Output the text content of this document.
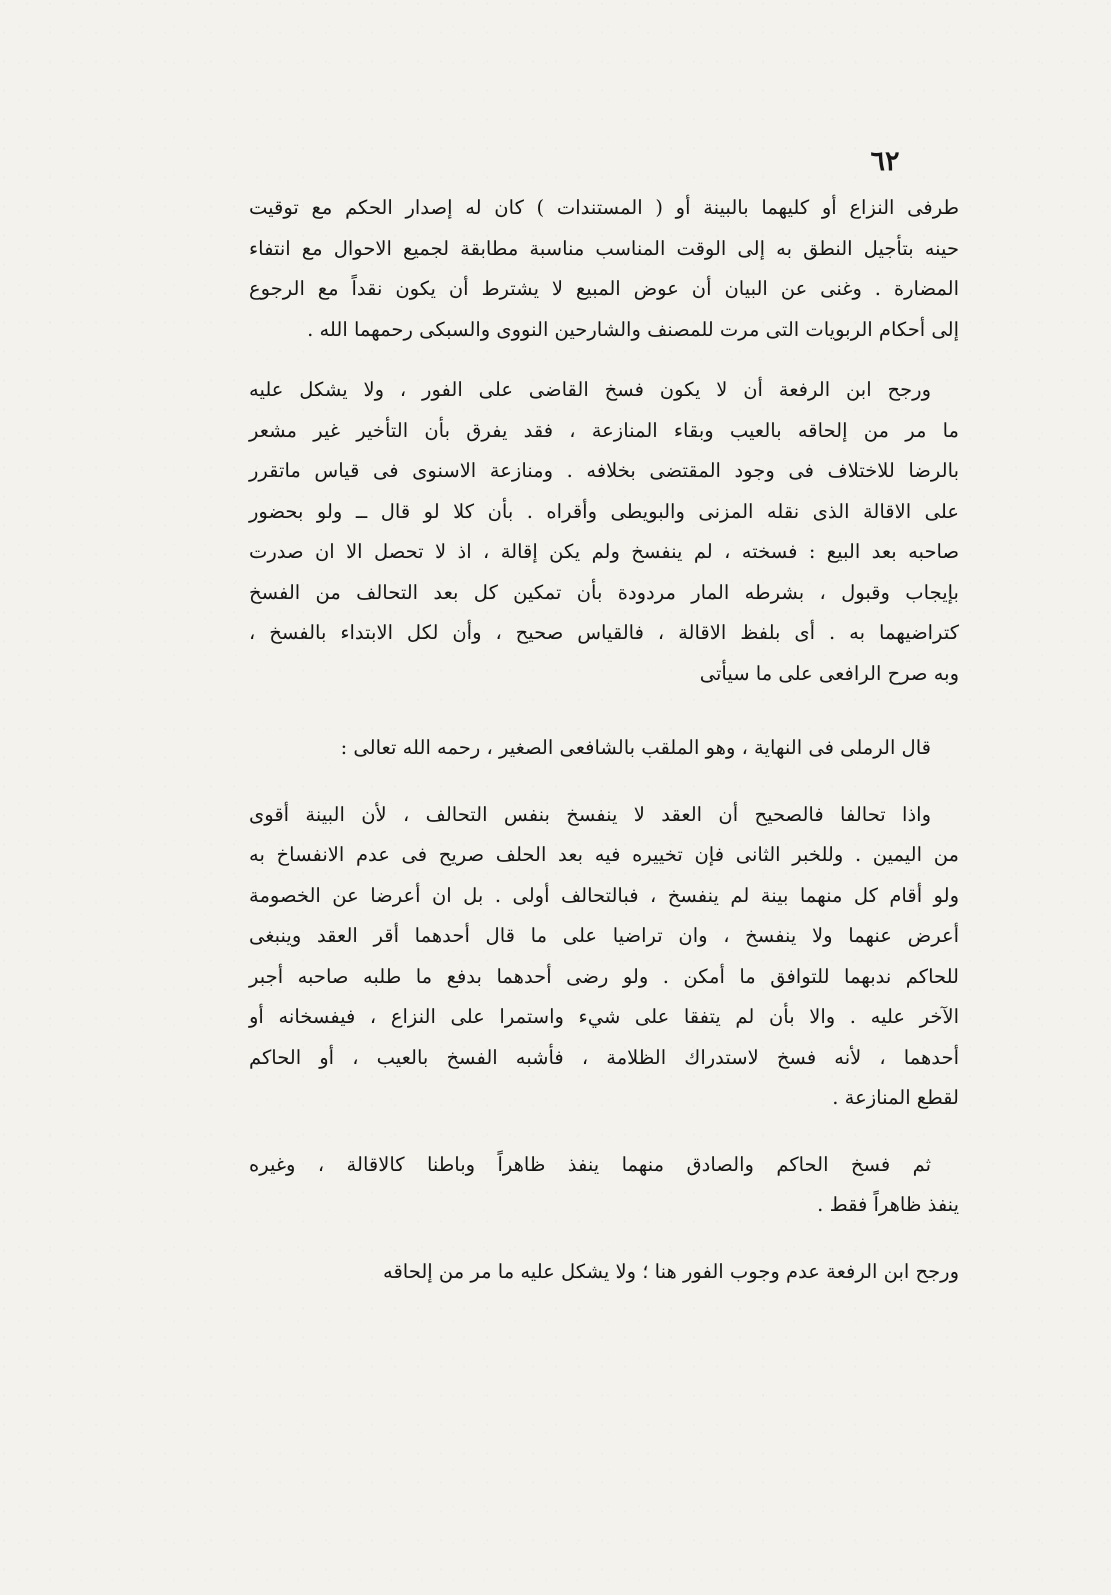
٦٢
طرفى النزاع أو كليهما بالبينة أو ( المستندات ) كان له إصدار الحكم مع توقيت
حينه بتأجيل النطق به إلى الوقت المناسب مناسبة مطابقة لجميع الاحوال مع انتفاء
المضارة . وغنى عن البيان أن عوض المبيع لا يشترط أن يكون نقداً مع الرجوع
إلى أحكام الربويات التى مرت للمصنف والشارحين النووى والسبكى رحمهما الله .
ورجح ابن الرفعة أن لا يكون فسخ القاضى على الفور ، ولا يشكل عليه
ما مر من إلحاقه بالعيب وبقاء المنازعة ، فقد يفرق بأن التأخير غير مشعر
بالرضا للاختلاف فى وجود المقتضى بخلافه . ومنازعة الاسنوى فى قياس ماتقرر
على الاقالة الذى نقله المزنى والبويطى وأقراه . بأن كلا لو قال ــ ولو بحضور
صاحبه بعد البيع : فسخته ، لم ينفسخ ولم يكن إقالة ، اذ لا تحصل الا ان صدرت
بإيجاب وقبول ، بشرطه المار مردودة بأن تمكين كل بعد التحالف من الفسخ
كتراضيهما به . أى بلفظ الاقالة ، فالقياس صحيح ، وأن لكل الابتداء بالفسخ ،
وبه صرح الرافعى على ما سيأتى
قال الرملى فى النهاية ، وهو الملقب بالشافعى الصغير ، رحمه الله تعالى :
واذا تحالفا فالصحيح أن العقد لا ينفسخ بنفس التحالف ، لأن البينة أقوى
من اليمين . وللخبر الثانى فإن تخييره فيه بعد الحلف صريح فى عدم الانفساخ به
ولو أقام كل منهما بينة لم ينفسخ ، فبالتحالف أولى . بل ان أعرضا عن الخصومة
أعرض عنهما ولا ينفسخ ، وان تراضيا على ما قال أحدهما أقر العقد وينبغى
للحاكم ندبهما للتوافق ما أمكن . ولو رضى أحدهما بدفع ما طلبه صاحبه أجبر
الآخر عليه . والا بأن لم يتفقا على شيء واستمرا على النزاع ، فيفسخانه أو
أحدهما ، لأنه فسخ لاستدراك الظلامة ، فأشبه الفسخ بالعيب ، أو الحاكم
لقطع المنازعة .
ثم فسخ الحاكم والصادق منهما ينفذ ظاهراً وباطنا كالاقالة ، وغيره
ينفذ ظاهراً فقط .
ورجح ابن الرفعة عدم وجوب الفور هنا ؛ ولا يشكل عليه ما مر من إلحاقه
